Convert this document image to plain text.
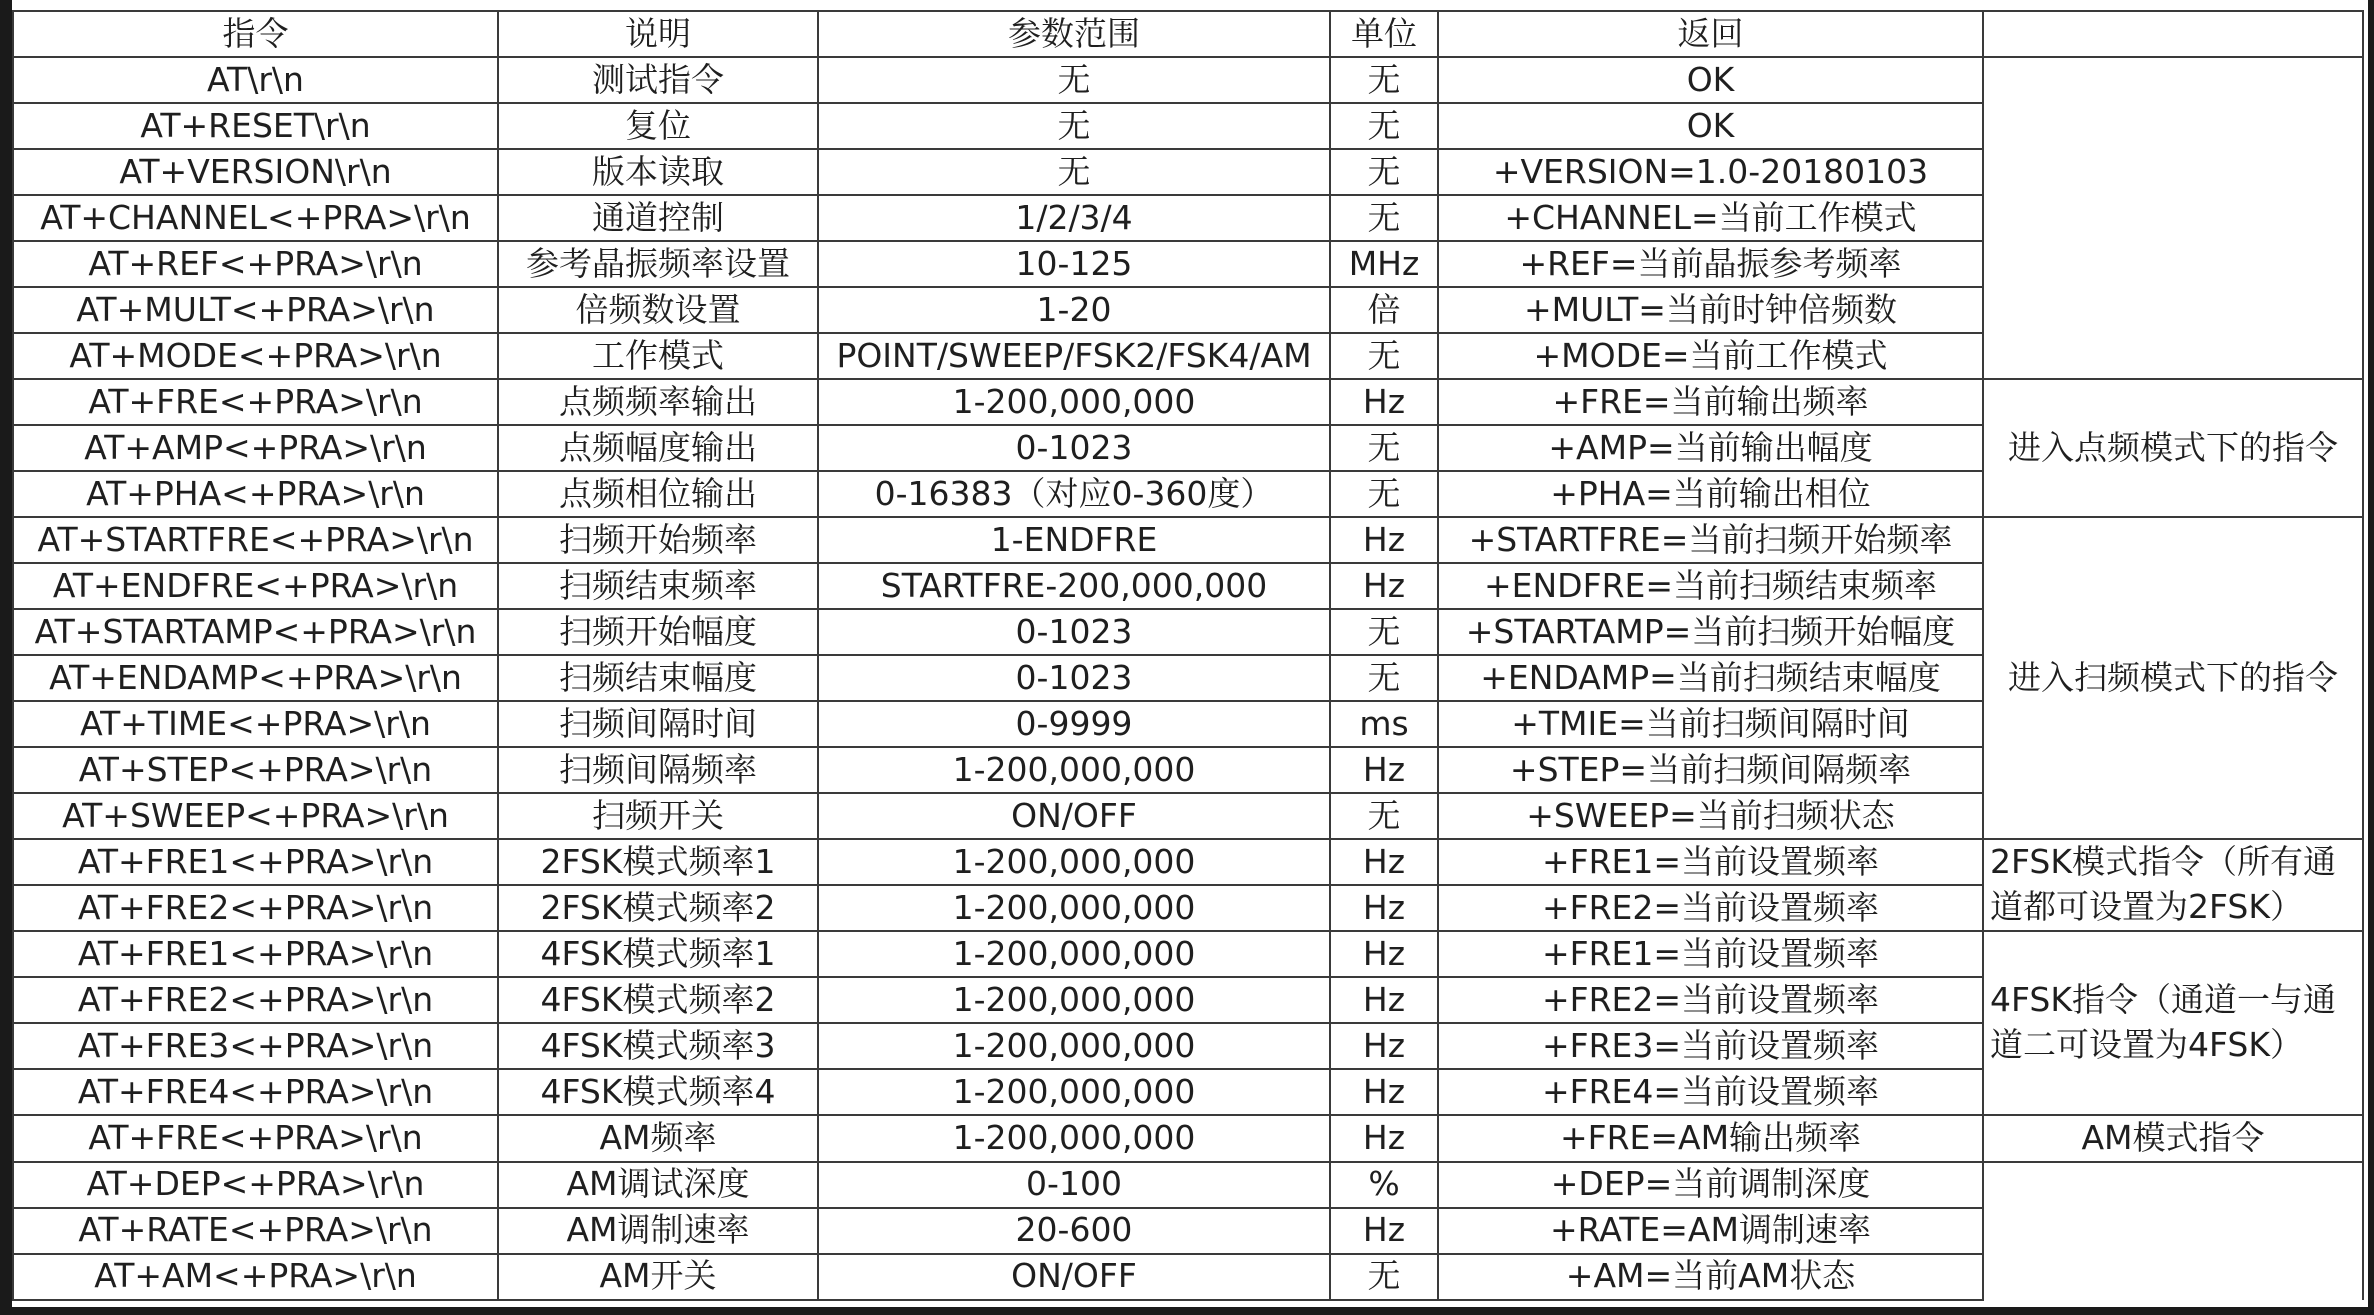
指令	说明	参数范围	单位	返回	
AT\r\n	测试指令	无	无	OK	
AT+RESET\r\n	复位	无	无	OK	
AT+VERSION\r\n	版本读取	无	无	+VERSION=1.0-20180103	
AT+CHANNEL<+PRA>\r\n	通道控制	1/2/3/4	无	+CHANNEL=当前工作模式	
AT+REF<+PRA>\r\n	参考晶振频率设置	10-125	MHz	+REF=当前晶振参考频率	
AT+MULT<+PRA>\r\n	倍频数设置	1-20	倍	+MULT=当前时钟倍频数	
AT+MODE<+PRA>\r\n	工作模式	POINT/SWEEP/FSK2/FSK4/AM	无	+MODE=当前工作模式	
AT+FRE<+PRA>\r\n	点频频率输出	1-200,000,000	Hz	+FRE=当前输出频率	进入点频模式下的指令
AT+AMP<+PRA>\r\n	点频幅度输出	0-1023	无	+AMP=当前输出幅度	
AT+PHA<+PRA>\r\n	点频相位输出	0-16383（对应0-360度）	无	+PHA=当前输出相位	
AT+STARTFRE<+PRA>\r\n	扫频开始频率	1-ENDFRE	Hz	+STARTFRE=当前扫频开始频率	进入扫频模式下的指令
AT+ENDFRE<+PRA>\r\n	扫频结束频率	STARTFRE-200,000,000	Hz	+ENDFRE=当前扫频结束频率	
AT+STARTAMP<+PRA>\r\n	扫频开始幅度	0-1023	无	+STARTAMP=当前扫频开始幅度	
AT+ENDAMP<+PRA>\r\n	扫频结束幅度	0-1023	无	+ENDAMP=当前扫频结束幅度	
AT+TIME<+PRA>\r\n	扫频间隔时间	0-9999	ms	+TMIE=当前扫频间隔时间	
AT+STEP<+PRA>\r\n	扫频间隔频率	1-200,000,000	Hz	+STEP=当前扫频间隔频率	
AT+SWEEP<+PRA>\r\n	扫频开关	ON/OFF	无	+SWEEP=当前扫频状态	
AT+FRE1<+PRA>\r\n	2FSK模式频率1	1-200,000,000	Hz	+FRE1=当前设置频率	2FSK模式指令（所有通道都可设置为2FSK）
AT+FRE2<+PRA>\r\n	2FSK模式频率2	1-200,000,000	Hz	+FRE2=当前设置频率	
AT+FRE1<+PRA>\r\n	4FSK模式频率1	1-200,000,000	Hz	+FRE1=当前设置频率	4FSK指令（通道一与通道二可设置为4FSK）
AT+FRE2<+PRA>\r\n	4FSK模式频率2	1-200,000,000	Hz	+FRE2=当前设置频率	
AT+FRE3<+PRA>\r\n	4FSK模式频率3	1-200,000,000	Hz	+FRE3=当前设置频率	
AT+FRE4<+PRA>\r\n	4FSK模式频率4	1-200,000,000	Hz	+FRE4=当前设置频率	
AT+FRE<+PRA>\r\n	AM频率	1-200,000,000	Hz	+FRE=AM输出频率	AM模式指令
AT+DEP<+PRA>\r\n	AM调试深度	0-100	%	+DEP=当前调制深度	
AT+RATE<+PRA>\r\n	AM调制速率	20-600	Hz	+RATE=AM调制速率	
AT+AM<+PRA>\r\n	AM开关	ON/OFF	无	+AM=当前AM状态	
